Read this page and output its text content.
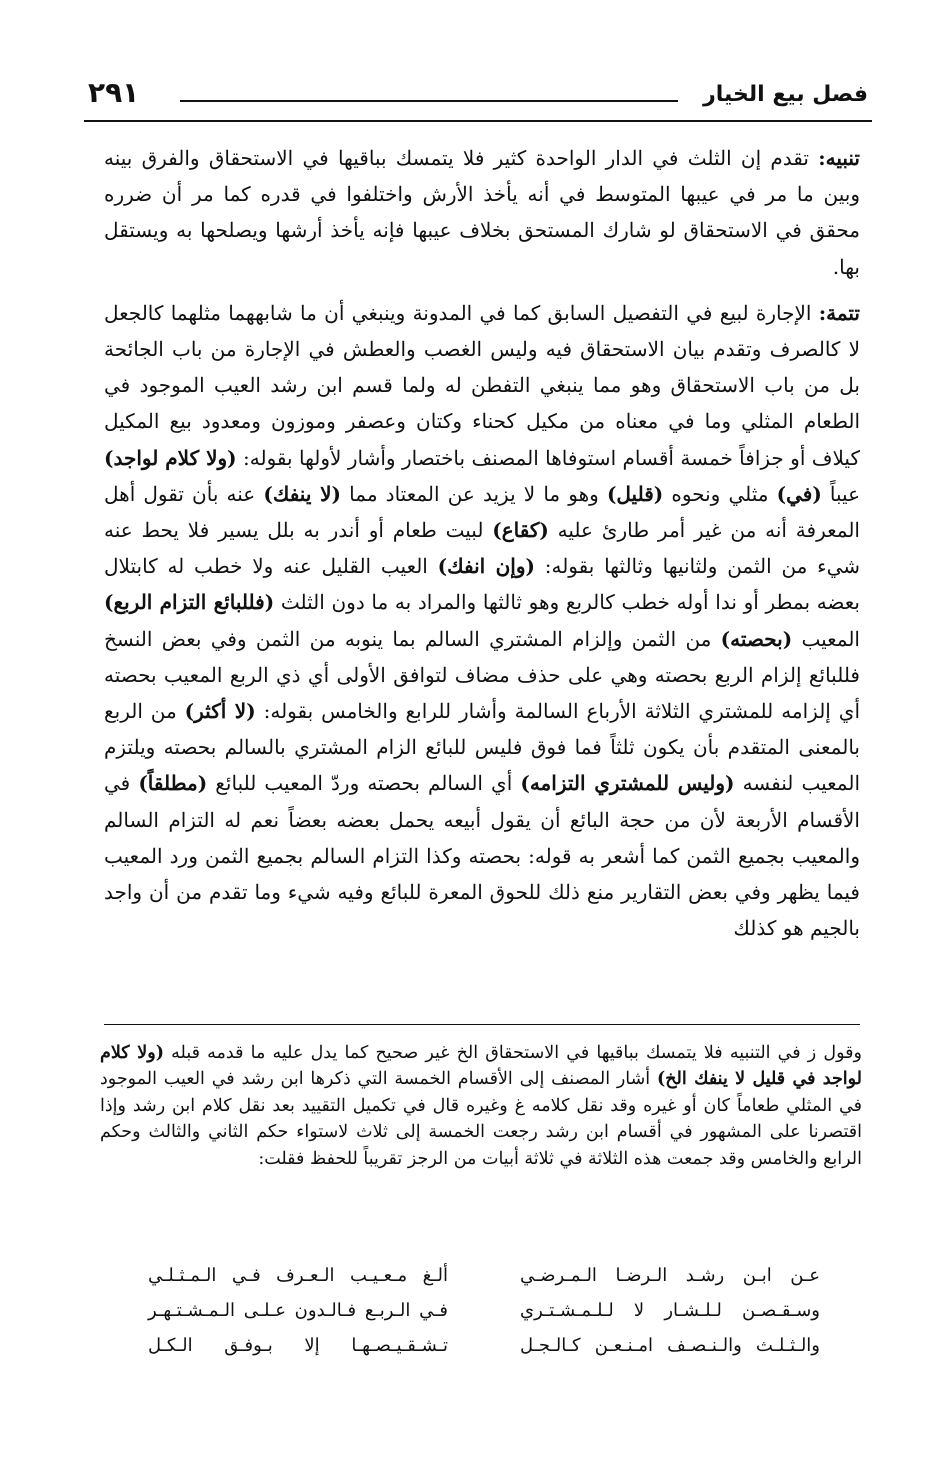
فصل بيع الخيار
٢٩١

تنبيه: تقدم إن الثلث في الدار الواحدة كثير فلا يتمسك بباقيها في الاستحقاق والفرق بينه وبين ما مر في عيبها المتوسط في أنه يأخذ الأرش واختلفوا في قدره كما مر أن ضرره محقق في الاستحقاق لو شارك المستحق بخلاف عيبها فإنه يأخذ أرشها ويصلحها به ويستقل بها.

تتمة: الإجارة لبيع في التفصيل السابق كما في المدونة وينبغي أن ما شابههما مثلهما كالجعل لا كالصرف وتقدم بيان الاستحقاق فيه وليس الغصب والعطش في الإجارة من باب الجائحة بل من باب الاستحقاق وهو مما ينبغي التفطن له ولما قسم ابن رشد العيب الموجود في الطعام المثلي وما في معناه من مكيل كحناء وكتان وعصفر وموزون ومعدود بيع المكيل كيلاف أو جزافاً خمسة أقسام استوفاها المصنف باختصار وأشار لأولها بقوله: (ولا كلام لواجد) عيباً (في) مثلي ونحوه (قليل) وهو ما لا يزيد عن المعتاد مما (لا ينفك) عنه بأن تقول أهل المعرفة أنه من غير أمر طارئ عليه (كقاع) لبيت طعام أو أندر به بلل يسير فلا يحط عنه شيء من الثمن ولثانيها وثالثها بقوله: (وإن انفك) العيب القليل عنه ولا خطب له كابتلال بعضه بمطر أو ندا أوله خطب كالربع وهو ثالثها والمراد به ما دون الثلث (فللبائع التزام الربع) المعيب (بحصته) من الثمن وإلزام المشتري السالم بما ينوبه من الثمن وفي بعض النسخ فللبائع إلزام الربع بحصته وهي على حذف مضاف لتوافق الأولى أي ذي الربع المعيب بحصته أي إلزامه للمشتري الثلاثة الأرباع السالمة وأشار للرابع والخامس بقوله: (لا أكثر) من الربع بالمعنى المتقدم بأن يكون ثلثاً فما فوق فليس للبائع الزام المشتري بالسالم بحصته ويلتزم المعيب لنفسه (وليس للمشتري التزامه) أي السالم بحصته وردّ المعيب للبائع (مطلقاً) في الأقسام الأربعة لأن من حجة البائع أن يقول أبيعه يحمل بعضه بعضاً نعم له التزام السالم والمعيب بجميع الثمن كما أشعر به قوله: بحصته وكذا التزام السالم بجميع الثمن ورد المعيب فيما يظهر وفي بعض التقارير منع ذلك للحوق المعرة للبائع وفيه شيء وما تقدم من أن واجد بالجيم هو كذلك

وقول ز في التنبيه فلا يتمسك بباقيها في الاستحقاق الخ غير صحيح كما يدل عليه ما قدمه قبله (ولا كلام لواجد في قليل لا ينفك الخ) أشار المصنف إلى الأقسام الخمسة التي ذكرها ابن رشد في العيب الموجود في المثلي طعاماً كان أو غيره وقد نقل كلامه غ وغيره قال في تكميل التقييد بعد نقل كلام ابن رشد وإذا اقتصرنا على المشهور في أقسام ابن رشد رجعت الخمسة إلى ثلاث لاستواء حكم الثاني والثالث وحكم الرابع والخامس وقد جمعت هذه الثلاثة في ثلاثة أبيات من الرجز تقريباً للحفظ فقلت:

عـن ابـن رشـد الـرضـا الـمـرضـي
ألـغ مـعـيـب الـعـرف فـي الـمـثـلـي
وسـقـصـن لـلـشـار لا لـلـمـشـتـري
فـي الـربـع فـالـدون عـلـى الـمـشـتـهـر
والـثـلـث والـنـصـف امـنـعـن كـالـجـل
تـشـقـيـصـهـا إلا بـوفـق الـكـل
